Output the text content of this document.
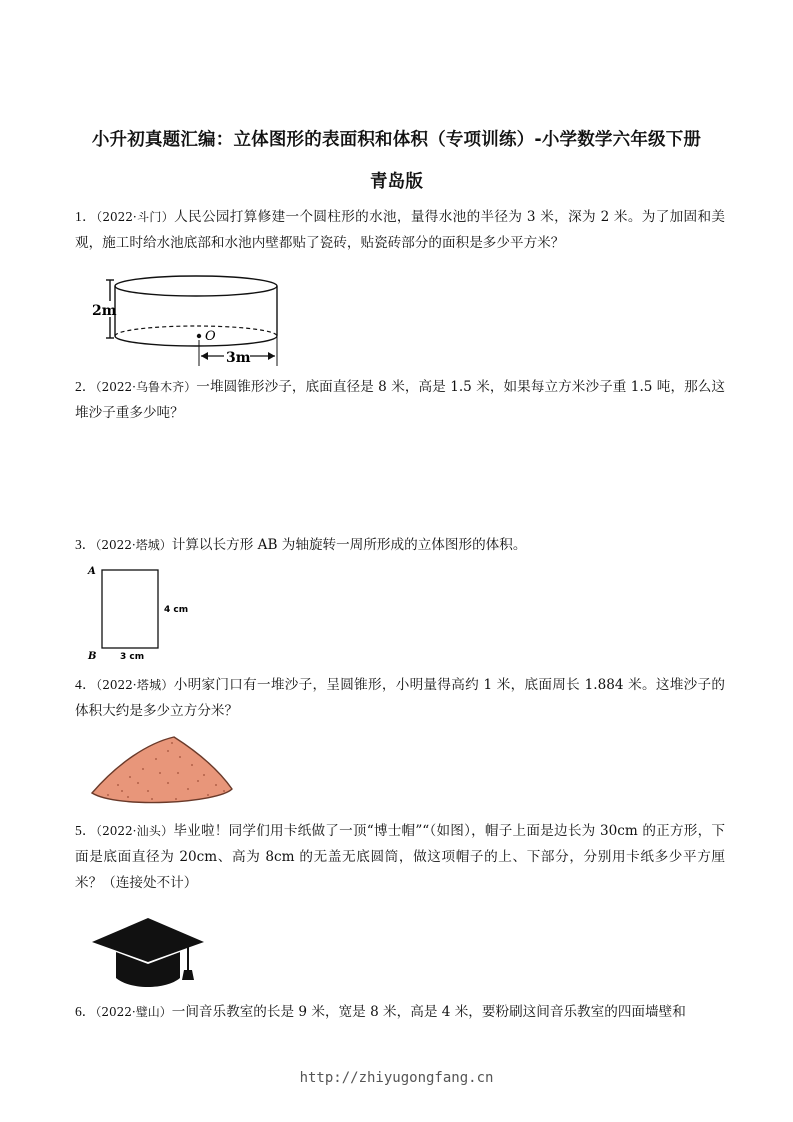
小升初真题汇编：立体图形的表面积和体积（专项训练）-小学数学六年级下册
青岛版
1．（2022·斗门）人民公园打算修建一个圆柱形的水池，量得水池的半径为 3 米，深为 2 米。为了加固和美观，施工时给水池底部和水池内壁都贴了瓷砖，贴瓷砖部分的面积是多少平方米？
2m
O
3m
2．（2022·乌鲁木齐）一堆圆锥形沙子，底面直径是 8 米，高是 1.5 米，如果每立方米沙子重 1.5 吨，那么这堆沙子重多少吨？
3．（2022·塔城）计算以长方形 AB 为轴旋转一周所形成的立体图形的体积。
A
B
4 cm
3 cm
4．（2022·塔城）小明家门口有一堆沙子，呈圆锥形，小明量得高约 1 米，底面周长 1.884 米。这堆沙子的体积大约是多少立方分米？
5．（2022·汕头）毕业啦！同学们用卡纸做了一顶“博士帽”“（如图），帽子上面是边长为 30cm 的正方形，下面是底面直径为 20cm、高为 8cm 的无盖无底圆筒，做这项帽子的上、下部分，分别用卡纸多少平方厘米？（连接处不计）
6．（2022·璧山）一间音乐教室的长是 9 米，宽是 8 米，高是 4 米，要粉刷这间音乐教室的四面墙壁和
http://zhiyugongfang.cn
